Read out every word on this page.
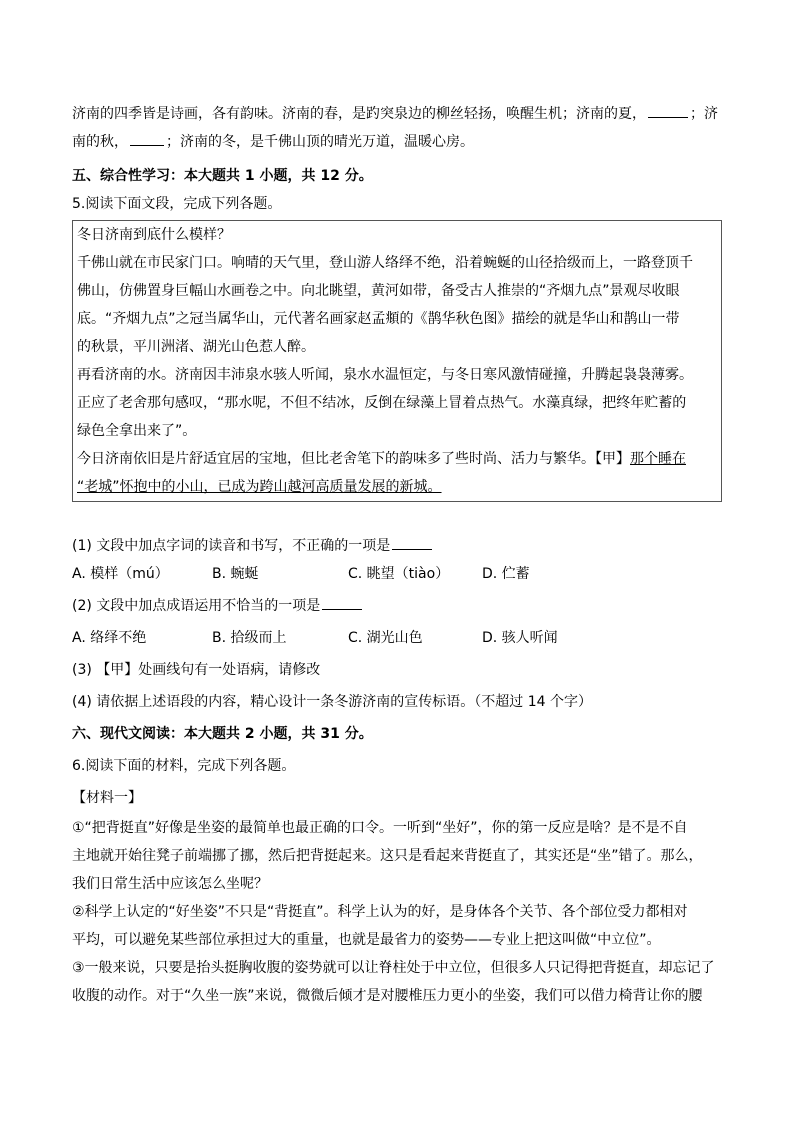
济南的四季皆是诗画，各有韵味。济南的春，是趵突泉边的柳丝轻扬，唤醒生机；济南的夏，	；济

南的秋，	；济南的冬，是千佛山顶的晴光万道，温暖心房。

五、综合性学习：本大题共 1 小题，共 12 分。

5.阅读下面文段，完成下列各题。

冬日济南到底什么模样？
千佛山就在市民家门口。响晴的天气里，登山游人络绎不绝，沿着蜿蜒的山径拾级而上，一路登顶千
佛山，仿佛置身巨幅山水画卷之中。向北眺望，黄河如带，备受古人推崇的“齐烟九点”景观尽收眼
底。“齐烟九点”之冠当属华山，元代著名画家赵孟頫的《鹊华秋色图》描绘的就是华山和鹊山一带
的秋景，平川洲渚、湖光山色惹人醉。
再看济南的水。济南因丰沛泉水骇人听闻，泉水水温恒定，与冬日寒风激情碰撞，升腾起袅袅薄雾。
正应了老舍那句感叹，“那水呢，不但不结冰，反倒在绿藻上冒着点热气。水藻真绿，把终年贮蓄的
绿色全拿出来了”。
今日济南依旧是片舒适宜居的宝地，但比老舍笔下的韵味多了些时尚、活力与繁华。【甲】那个睡在
“老城”怀抱中的小山，已成为跨山越河高质量发展的新城。

(1) 文段中加点字词的读音和书写，不正确的一项是

A. 模样（mú）	B. 蜿蜒	C. 眺望（tiào）	D. 伫蓄

(2) 文段中加点成语运用不恰当的一项是

A. 络绎不绝	B. 拾级而上	C. 湖光山色	D. 骇人听闻

(3) 【甲】处画线句有一处语病，请修改

(4) 请依据上述语段的内容，精心设计一条冬游济南的宣传标语。（不超过 14 个字）

六、现代文阅读：本大题共 2 小题，共 31 分。

6.阅读下面的材料，完成下列各题。

【材料一】

①“把背挺直”好像是坐姿的最简单也最正确的口令。一听到“坐好”，你的第一反应是啥？是不是不自
主地就开始往凳子前端挪了挪，然后把背挺起来。这只是看起来背挺直了，其实还是“坐”错了。那么，
我们日常生活中应该怎么坐呢？

②科学上认定的“好坐姿”不只是“背挺直”。科学上认为的好，是身体各个关节、各个部位受力都相对
平均，可以避免某些部位承担过大的重量，也就是最省力的姿势——专业上把这叫做“中立位”。

③一般来说，只要是抬头挺胸收腹的姿势就可以让脊柱处于中立位，但很多人只记得把背挺直，却忘记了
收腹的动作。对于“久坐一族”来说，微微后倾才是对腰椎压力更小的坐姿，我们可以借力椅背让你的腰
